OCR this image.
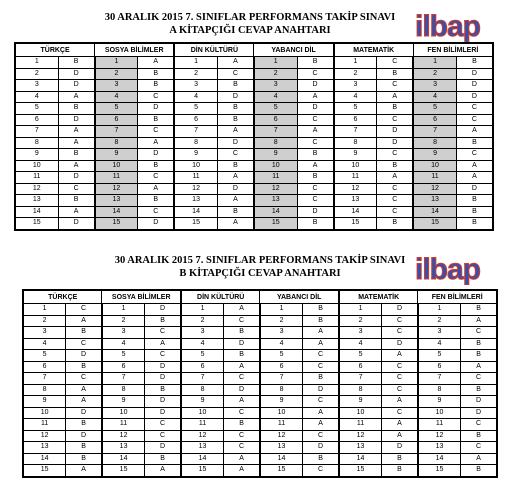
30 ARALIK 2015 7. SINIFLAR PERFORMANS TAKİP SINAVI
A KİTAPÇIĞI CEVAP ANAHTARI	ilbap
TÜRKÇE		SOSYA BİLİMLER		DİN KÜLTÜRÜ		YABANCI DİL		MATEMATİK		FEN BİLİMLERİ	
1	B	1	A	1	A	1	B	1	C	1	B
2	D	2	B	2	C	2	C	2	B	2	D
3	D	3	B	3	B	3	D	3	C	3	D
4	A	4	C	4	D	4	A	4	A	4	D
5	B	5	D	5	B	5	D	5	B	5	C
6	D	6	B	6	B	6	C	6	C	6	C
7	A	7	C	7	A	7	A	7	D	7	A
8	A	8	A	8	D	8	C	8	D	8	B
9	B	9	D	9	C	9	B	9	C	9	C
10	A	10	B	10	B	10	A	10	B	10	A
11	D	11	C	11	A	11	B	11	A	11	A
12	C	12	A	12	D	12	C	12	C	12	D
13	B	13	B	13	A	13	C	13	C	13	B
14	A	14	C	14	B	14	D	14	C	14	B
15	D	15	D	15	A	15	B	15	B	15	B
30 ARALIK 2015 7. SINIFLAR PERFORMANS TAKİP SINAVI
B KİTAPÇIĞI CEVAP ANAHTARI	ilbap
TÜRKÇE		SOSYA BİLİMLER		DİN KÜLTÜRÜ		YABANCI DİL		MATEMATİK		FEN BİLİMLERİ	
1	C	1	D	1	A	1	B	1	D	1	B
2	A	2	B	2	C	2	B	2	C	2	A
3	B	3	C	3	B	3	A	3	C	3	C
4	C	4	A	4	D	4	A	4	D	4	B
5	D	5	C	5	B	5	C	5	A	5	B
6	B	6	D	6	A	6	C	6	C	6	A
7	C	7	D	7	C	7	B	7	C	7	C
8	A	8	B	8	D	8	D	8	C	8	B
9	A	9	D	9	A	9	C	9	A	9	D
10	D	10	D	10	C	10	A	10	C	10	D
11	B	11	C	11	B	11	A	11	A	11	C
12	D	12	C	12	C	12	C	12	A	12	B
13	B	13	D	13	C	13	D	13	D	13	C
14	B	14	B	14	A	14	B	14	B	14	A
15	A	15	A	15	A	15	C	15	B	15	B
